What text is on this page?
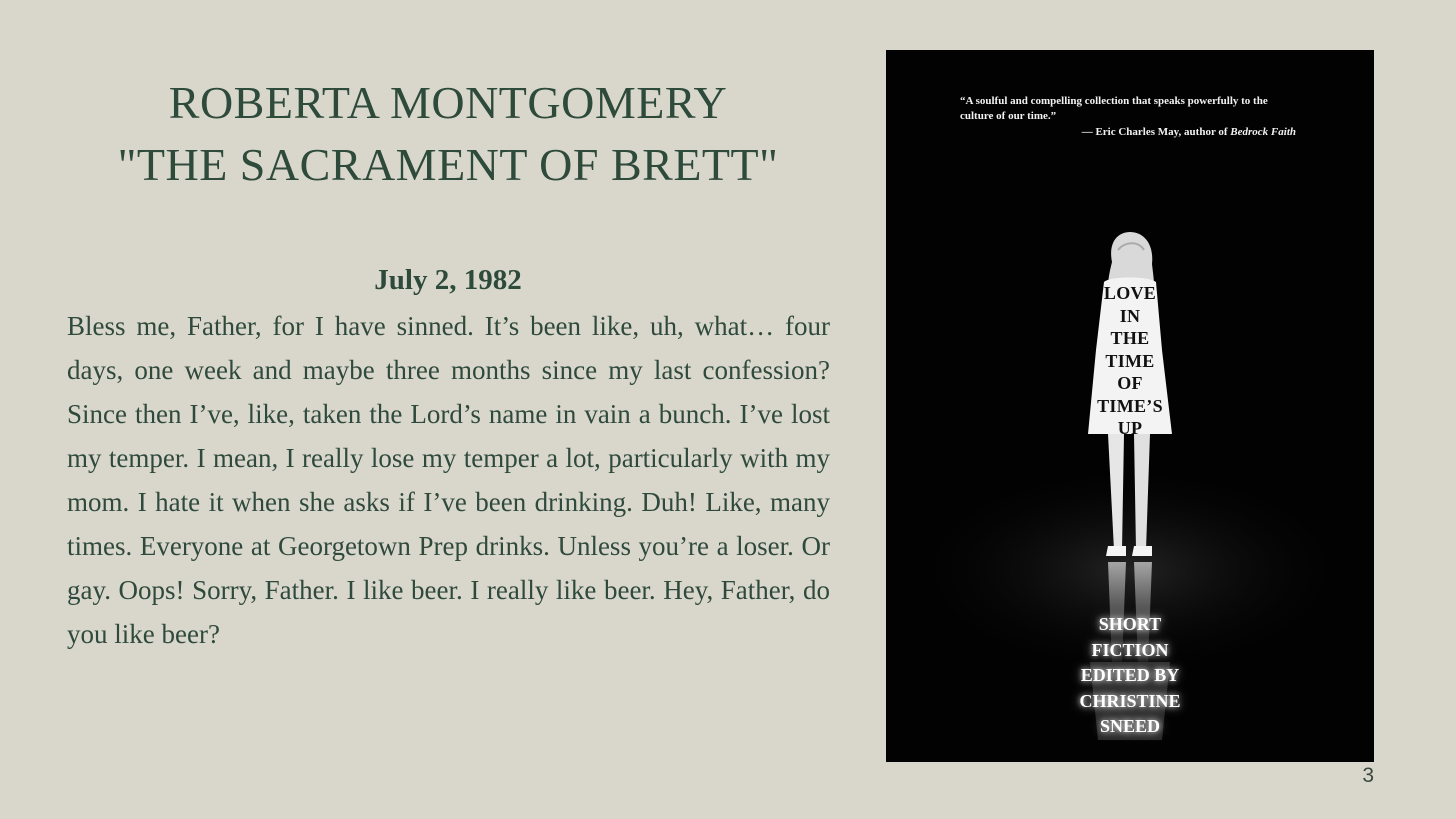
ROBERTA MONTGOMERY
"THE SACRAMENT OF BRETT"
July 2, 1982

Bless me, Father, for I have sinned. It’s been like, uh, what… four days, one week and maybe three months since my last confession? Since then I’ve, like, taken the Lord’s name in vain a bunch. I’ve lost my temper. I mean, I really lose my temper a lot, particularly with my mom. I hate it when she asks if I’ve been drinking. Duh! Like, many times. Everyone at Georgetown Prep drinks. Unless you’re a loser. Or gay. Oops! Sorry, Father. I like beer. I really like beer. Hey, Father, do you like beer?

“A soulful and compelling collection that speaks powerfully to the culture of our time.”
— Eric Charles May, author of Bedrock Faith
LOVE
IN
THE
TIME
OF
TIME’S
UP
SHORT
FICTION
EDITED BY
CHRISTINE
SNEED
3
